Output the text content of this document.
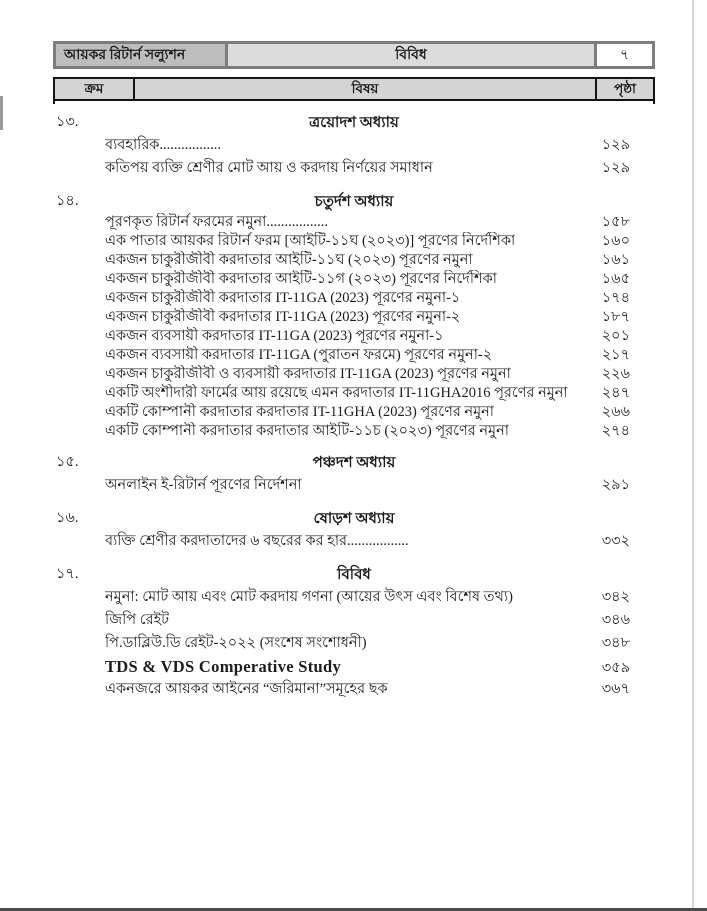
আয়কর রিটার্ন সল্যুশন	বিবিধ	৭
ক্রম	বিষয়	পৃষ্ঠা
১৩.	ত্রয়োদশ অধ্যায়
ব্যবহারিক.................	১২৯
কতিপয় ব্যক্তি শ্রেণীর মোট আয় ও করদায় নির্ণয়ের সমাধান	১২৯
১৪.	চতুর্দশ অধ্যায়
পূরণকৃত রিটার্ন ফরমের নমুনা.................	১৫৮
এক পাতার আয়কর রিটার্ন ফরম [আইটি-১১ঘ (২০২৩)] পূরণের নির্দেশিকা	১৬০
একজন চাকুরীজীবী করদাতার আইটি-১১ঘ (২০২৩) পূরণের নমুনা	১৬১
একজন চাকুরীজীবী করদাতার আইটি-১১গ (২০২৩) পূরণের নির্দেশিকা	১৬৫
একজন চাকুরীজীবী করদাতার IT-11GA (2023) পূরণের নমুনা-১	১৭৪
একজন চাকুরীজীবী করদাতার IT-11GA (2023) পূরণের নমুনা-২	১৮৭
একজন ব্যবসায়ী করদাতার IT-11GA (2023) পূরণের নমুনা-১	২০১
একজন ব্যবসায়ী করদাতার IT-11GA (পুরাতন ফরমে) পূরণের নমুনা-২	২১৭
একজন চাকুরীজীবী ও ব্যবসায়ী করদাতার IT-11GA (2023) পূরণের নমুনা	২২৬
একটি অংশীদারী ফার্মের আয় রয়েছে এমন করদাতার IT-11GHA2016 পূরণের নমুনা	২৪৭
একটি কোম্পানী করদাতার করদাতার IT-11GHA (2023) পূরণের নমুনা	২৬৬
একটি কোম্পানী করদাতার করদাতার আইটি-১১চ (২০২৩) পূরণের নমুনা	২৭৪
১৫.	পঞ্চদশ অধ্যায়
অনলাইন ই-রিটার্ন পূরণের নির্দেশনা	২৯১
১৬.	ষোড়শ অধ্যায়
ব্যক্তি শ্রেণীর করদাতাদের ৬ বছরের কর হার.................	৩৩২
১৭.	বিবিধ
নমুনা: মোট আয় এবং মোট করদায় গণনা (আয়ের উৎস এবং বিশেষ তথ্য)	৩৪২
জিপি রেইট	৩৪৬
পি.ডাব্লিউ.ডি রেইট-২০২২ (সংশেষ সংশোধনী)	৩৪৮
TDS & VDS Comperative Study	৩৫৯
একনজরে আয়কর আইনের “জরিমানা”সমূহের ছক	৩৬৭
